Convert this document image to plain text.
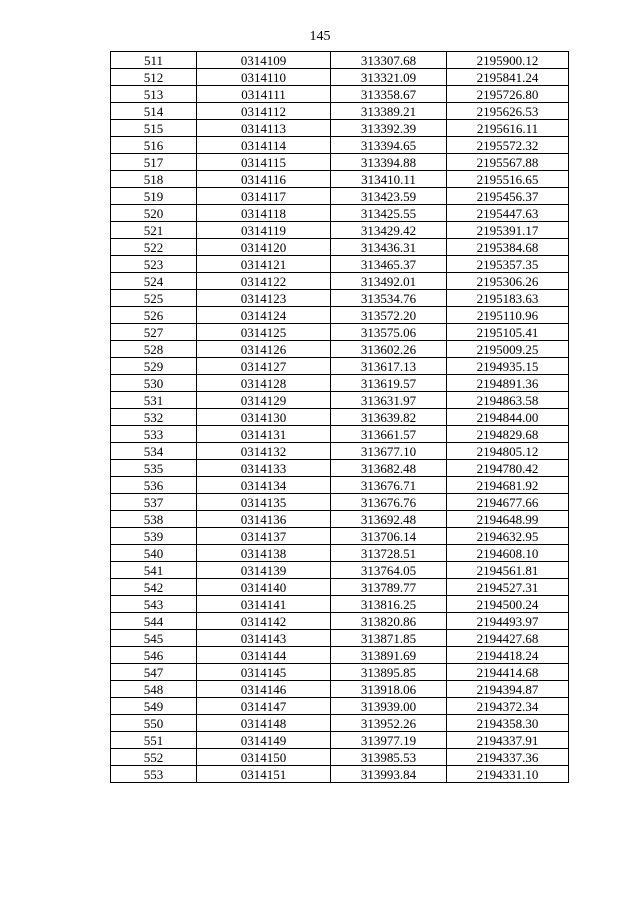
145
511	0314109	313307.68	2195900.12
512	0314110	313321.09	2195841.24
513	0314111	313358.67	2195726.80
514	0314112	313389.21	2195626.53
515	0314113	313392.39	2195616.11
516	0314114	313394.65	2195572.32
517	0314115	313394.88	2195567.88
518	0314116	313410.11	2195516.65
519	0314117	313423.59	2195456.37
520	0314118	313425.55	2195447.63
521	0314119	313429.42	2195391.17
522	0314120	313436.31	2195384.68
523	0314121	313465.37	2195357.35
524	0314122	313492.01	2195306.26
525	0314123	313534.76	2195183.63
526	0314124	313572.20	2195110.96
527	0314125	313575.06	2195105.41
528	0314126	313602.26	2195009.25
529	0314127	313617.13	2194935.15
530	0314128	313619.57	2194891.36
531	0314129	313631.97	2194863.58
532	0314130	313639.82	2194844.00
533	0314131	313661.57	2194829.68
534	0314132	313677.10	2194805.12
535	0314133	313682.48	2194780.42
536	0314134	313676.71	2194681.92
537	0314135	313676.76	2194677.66
538	0314136	313692.48	2194648.99
539	0314137	313706.14	2194632.95
540	0314138	313728.51	2194608.10
541	0314139	313764.05	2194561.81
542	0314140	313789.77	2194527.31
543	0314141	313816.25	2194500.24
544	0314142	313820.86	2194493.97
545	0314143	313871.85	2194427.68
546	0314144	313891.69	2194418.24
547	0314145	313895.85	2194414.68
548	0314146	313918.06	2194394.87
549	0314147	313939.00	2194372.34
550	0314148	313952.26	2194358.30
551	0314149	313977.19	2194337.91
552	0314150	313985.53	2194337.36
553	0314151	313993.84	2194331.10
